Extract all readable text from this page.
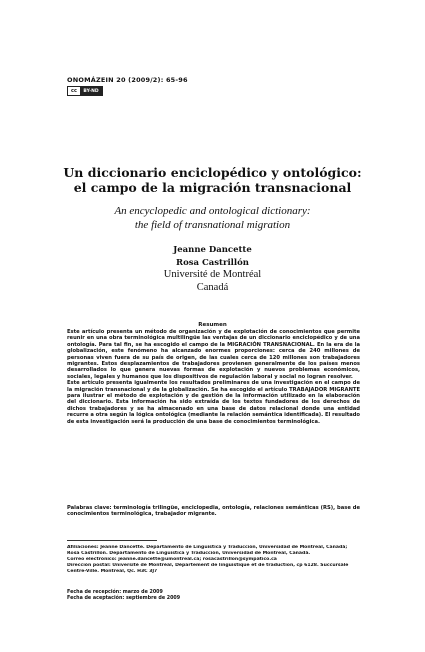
ONOMÁZEIN 20 (2009/2): 65-96
cc	BY-ND
Un diccionario enciclopédico y ontológico:
el campo de la migración transnacional
An encyclopedic and ontological dictionary:
the field of transnational migration
Jeanne Dancette
Rosa Castrillón
Université de Montréal
Canadá
Resumen

Este artículo presenta un método de organización y de explotación de conocimientos que permite reunir en una obra terminológica multilingüe las ventajas de un diccionario enciclopédico y de una ontología. Para tal fin, se ha escogido el campo de la MIGRACIÓN TRANSNACIONAL. En la era de la globalización, este fenómeno ha alcanzado enormes proporciones: cerca de 240 millones de personas viven fuera de su país de origen, de las cuales cerca de 120 millones son trabajadores migrantes. Estos desplazamientos de trabajadores provienen generalmente de los países menos desarrollados lo que genera nuevas formas de explotación y nuevos problemas económicos, sociales, legales y humanos que los dispositivos de regulación laboral y social no logran resolver.

Este artículo presenta igualmente los resultados preliminares de una investigación en el campo de la migración transnacional y de la globalización. Se ha escogido el artículo TRABAJADOR MIGRANTE para ilustrar el método de explotación y de gestión de la información utilizado en la elaboración del diccionario. Esta información ha sido extraída de los textos fundadores de los derechos de dichos trabajadores y se ha almacenado en una base de datos relacional donde una entidad recurre a otra según la lógica ontológica (mediante la relación semántica identificada). El resultado de esta investigación será la producción de una base de conocimientos terminológica.

Palabras clave: terminología trilingüe, enciclopedia, ontología, relaciones semánticas (RS), base de conocimientos terminológica, trabajador migrante.
Afiliaciones: Jeanne Dancette. Departamento de Lingüística y Traducción, Universidad de Montreal, Canadá;
Rosa Castrillón. Departamento de Lingüística y Traducción, Universidad de Montreal, Canadá.
Correo electrónico: jeanne.dancette@umontreal.ca; rosacastrillon@sympatico.ca
Dirección postal: Université de Montréal, Département de linguistique et de traduction, cp 6128. Succursale
Centre-Ville. Montreal, Qc. H3C 3J7
Fecha de recepción: marzo de 2009
Fecha de aceptación: septiembre de 2009
